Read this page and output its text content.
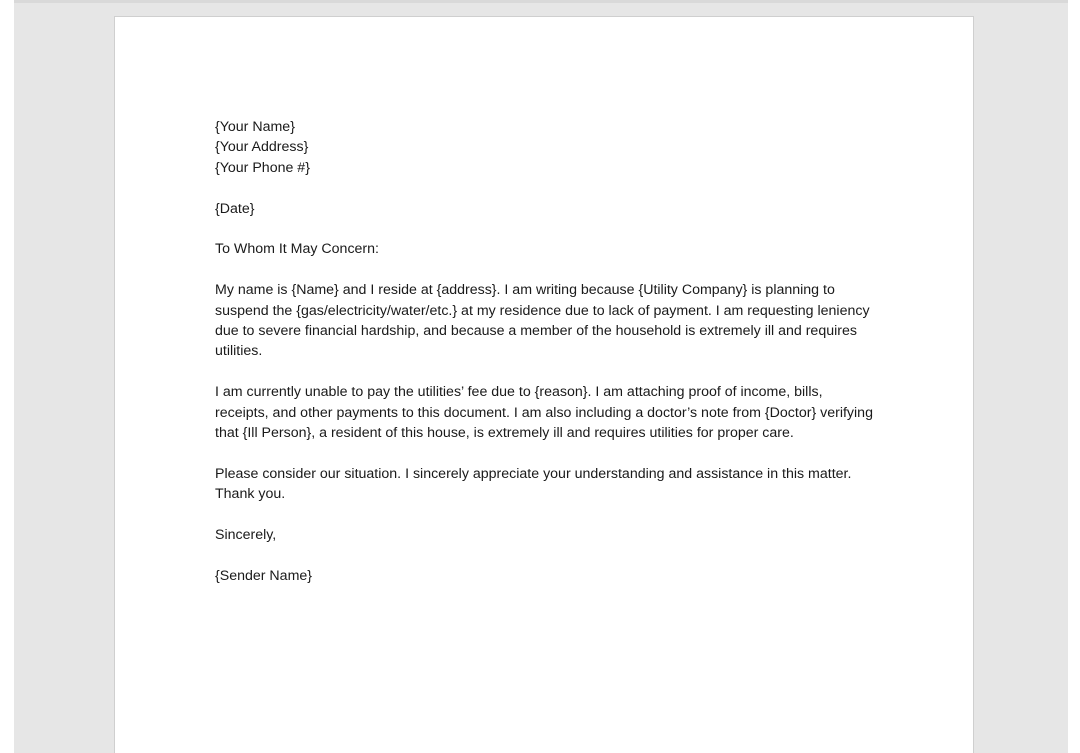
{Your Name}

{Your Address}

{Your Phone #}

{Date}

To Whom It May Concern:

My name is {Name} and I reside at {address}. I am writing because {Utility Company} is planning to suspend the {gas/electricity/water/etc.} at my residence due to lack of payment. I am requesting leniency due to severe financial hardship, and because a member of the household is extremely ill and requires utilities.

I am currently unable to pay the utilities’ fee due to {reason}. I am attaching proof of income, bills, receipts, and other payments to this document. I am also including a doctor’s note from {Doctor} verifying that {Ill Person}, a resident of this house, is extremely ill and requires utilities for proper care.

Please consider our situation. I sincerely appreciate your understanding and assistance in this matter. Thank you.

Sincerely,

{Sender Name}
